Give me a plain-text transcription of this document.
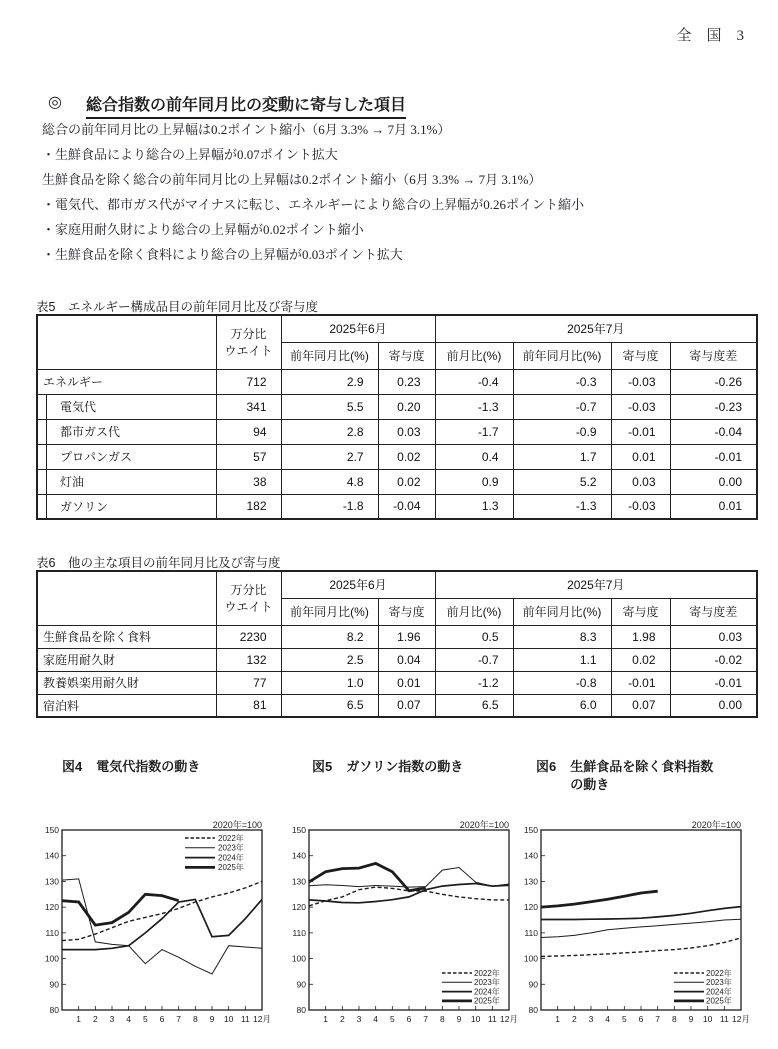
全　国　3
◎ 総合指数の前年同月比の変動に寄与した項目
総合の前年同月比の上昇幅は0.2ポイント縮小（6月 3.3% → 7月 3.1%）
・生鮮食品により総合の上昇幅が0.07ポイント拡大
生鮮食品を除く総合の前年同月比の上昇幅は0.2ポイント縮小（6月 3.3% → 7月 3.1%）
・電気代、都市ガス代がマイナスに転じ、エネルギーにより総合の上昇幅が0.26ポイント縮小
・家庭用耐久財により総合の上昇幅が0.02ポイント縮小
・生鮮食品を除く食料により総合の上昇幅が0.03ポイント拡大
表5　エネルギー構成品目の前年同月比及び寄与度

	万分比
ウエイト	2025年6月		2025年7月			
		前年同月比(%)	寄与度	前月比(%)	前年同月比(%)	寄与度	寄与度差
エネルギー	712	2.9	0.23	-0.4	-0.3	-0.03	-0.26
電気代	341	5.5	0.20	-1.3	-0.7	-0.03	-0.23
都市ガス代	94	2.8	0.03	-1.7	-0.9	-0.01	-0.04
プロパンガス	57	2.7	0.02	0.4	1.7	0.01	-0.01
灯油	38	4.8	0.02	0.9	5.2	0.03	0.00
ガソリン	182	-1.8	-0.04	1.3	-1.3	-0.03	0.01
表6　他の主な項目の前年同月比及び寄与度

	万分比
ウエイト	2025年6月		2025年7月			
		前年同月比(%)	寄与度	前月比(%)	前年同月比(%)	寄与度	寄与度差
生鮮食品を除く食料	2230	8.2	1.96	0.5	8.3	1.98	0.03
家庭用耐久財	132	2.5	0.04	-0.7	1.1	0.02	-0.02
教養娯楽用耐久財	77	1.0	0.01	-1.2	-0.8	-0.01	-0.01
宿泊料	81	6.5	0.07	6.5	6.0	0.07	0.00
図4 電気代指数の動き	図5 ガソリン指数の動き	図6 生鮮食品を除く食料指数の動き
2020年=100
80
90
100
110
120
130
140
150
1 2 3 4 5 6 7 8 9 10 11 12月
2022年
2023年
2024年
2025年
2020年=100
80
90
100
110
120
130
140
150
1 2 3 4 5 6 7 8 9 10 11 12月
2022年
2023年
2024年
2025年
2020年=100
80
90
100
110
120
130
140
150
1 2 3 4 5 6 7 8 9 10 11 12月
2022年
2023年
2024年
2025年
